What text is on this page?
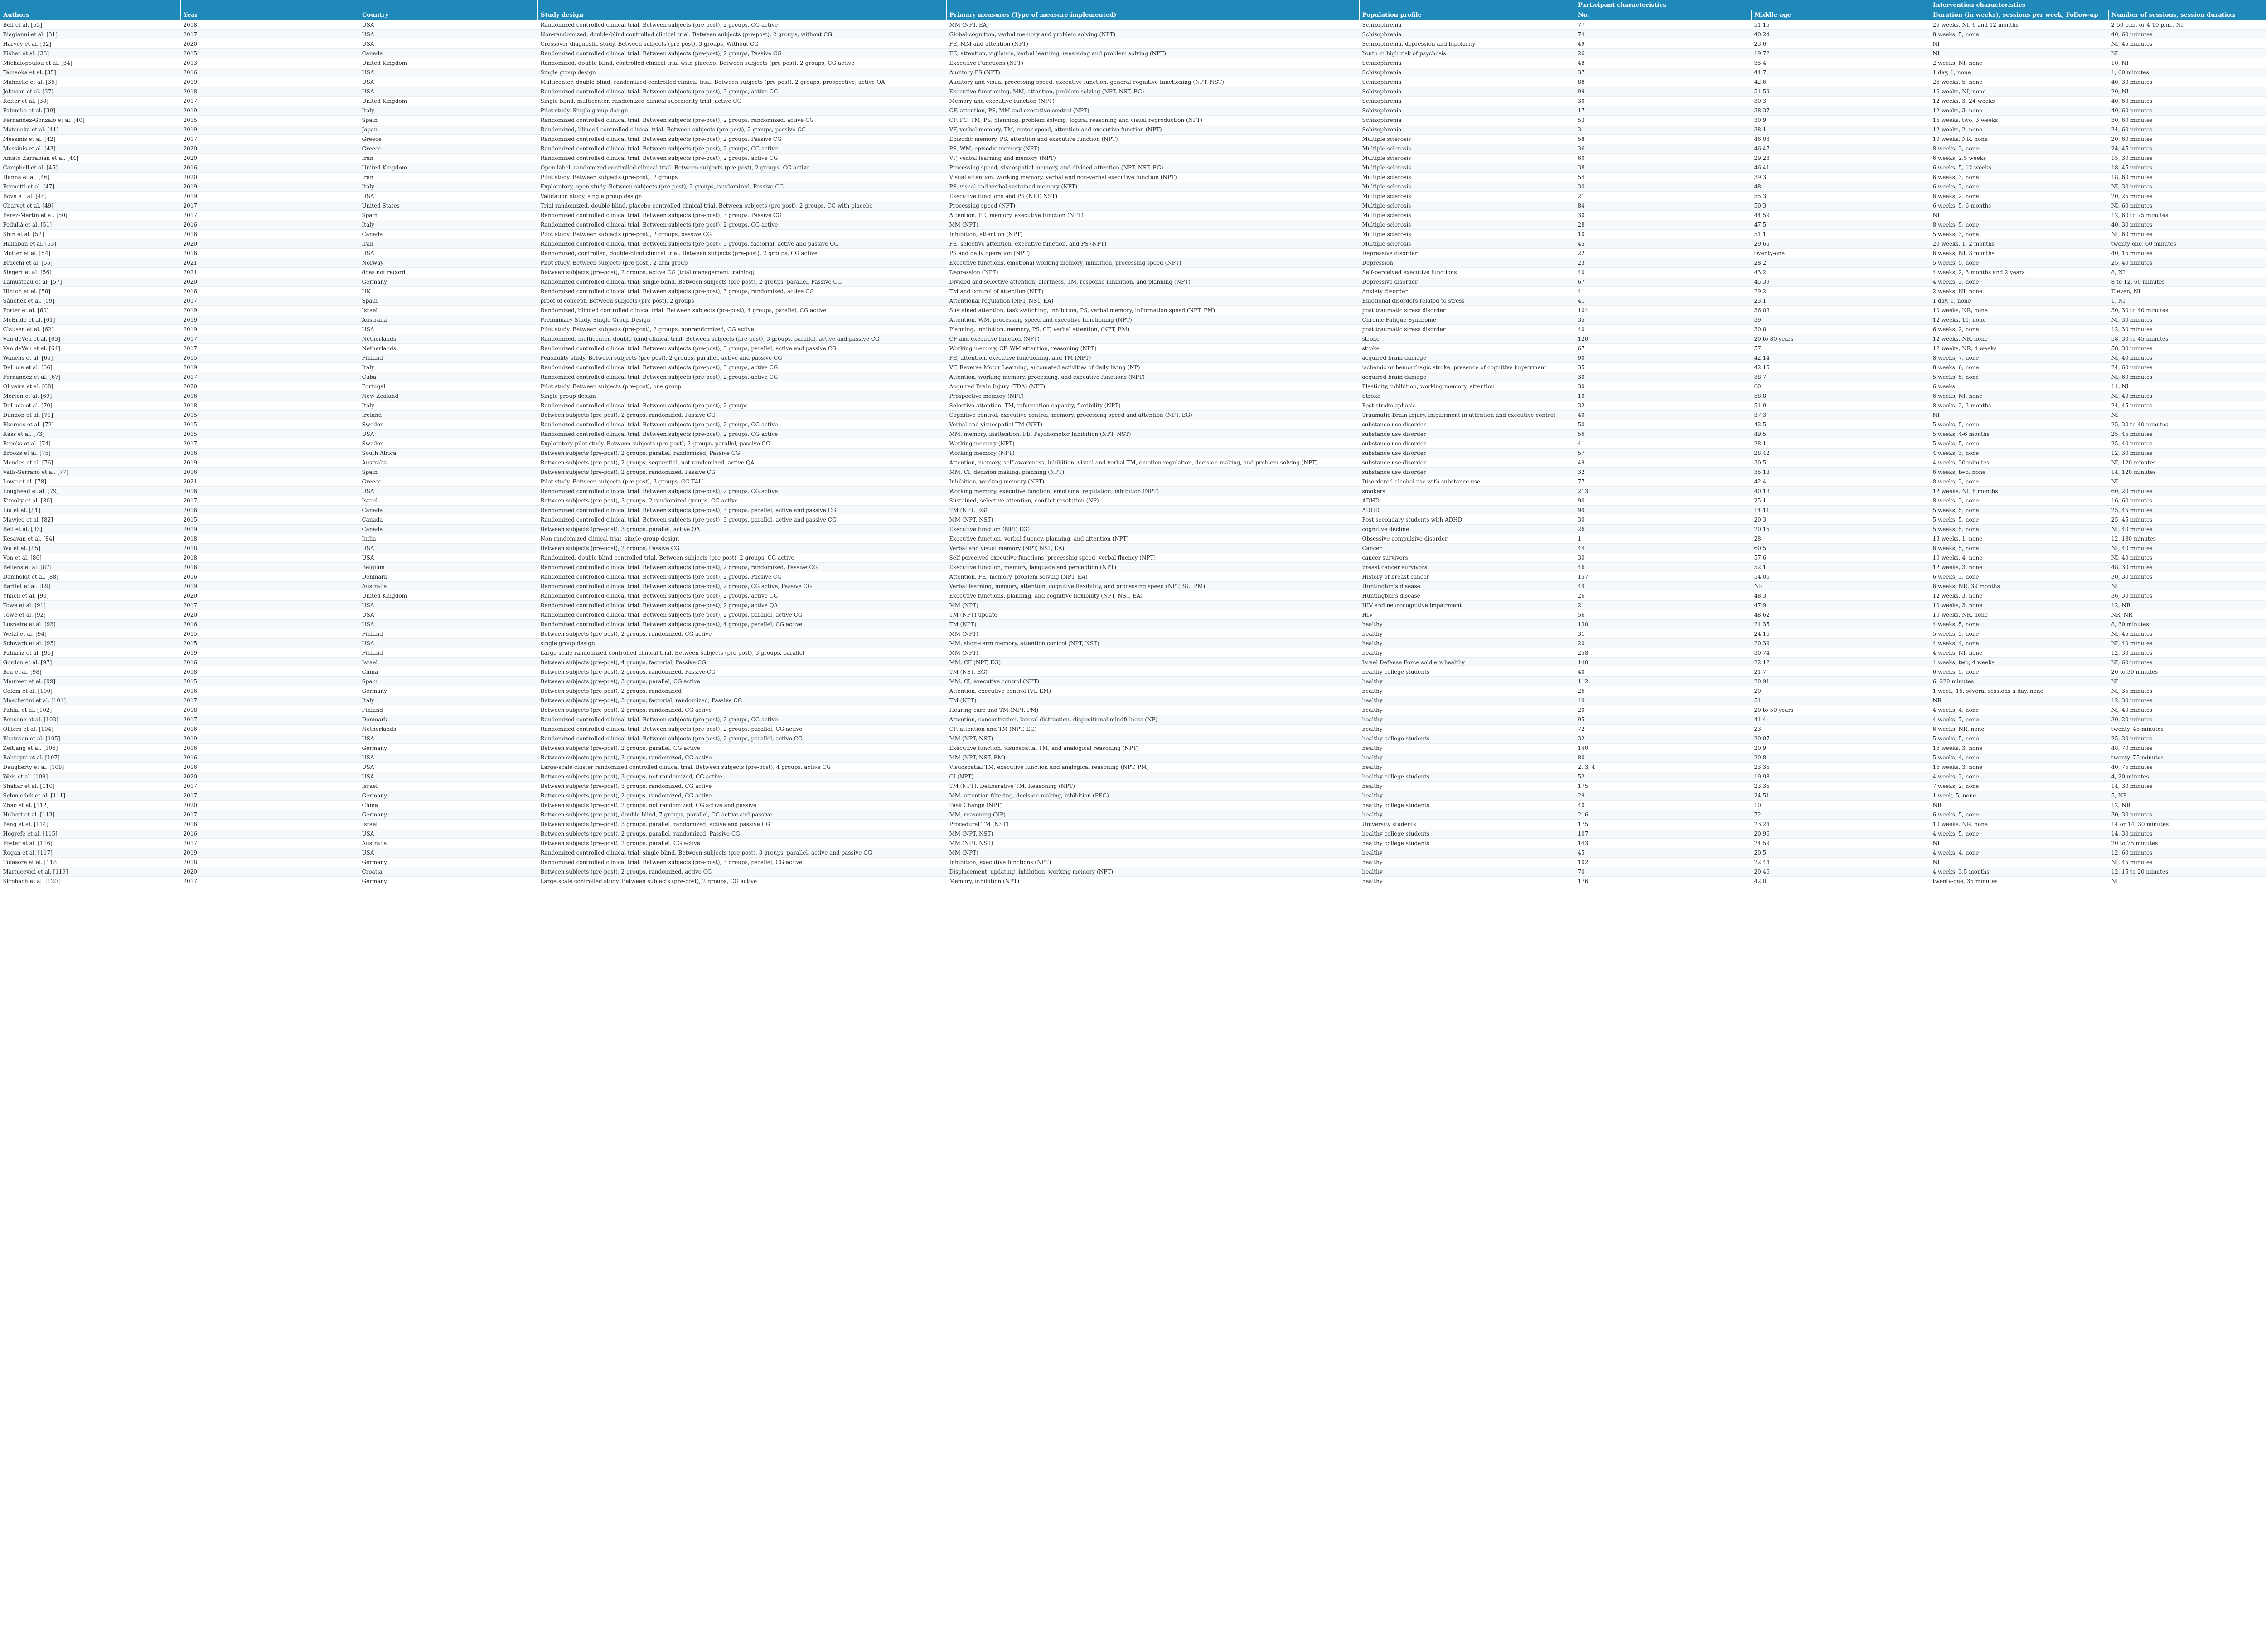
Authors	Year	Country	Study design	Primary measures (Type of measure implemented)	Population profile	Participant characteristics		Intervention characteristics			
						No.	Middle age	Duration (in weeks), sessions per week, Follow-up	Number of sessions, session duration		
Bell et al. [53]	2018	USA	Randomized controlled clinical trial. Between subjects (pre-post), 2 groups, CG active	MM (NPT, EA)	Schizophrenia	77	51.15	26 weeks, NI, 6 and 12 months	2-50 p.m. or 4-10 p.m., NI		
Biagianni et al. [31]	2017	USA	Non-randomized, double-blind controlled clinical trial. Between subjects (pre-post), 2 groups, without CG	Global cognition, verbal memory and problem solving (NPT)	Schizophrenia	74	40.24	8 weeks, 5, none	40, 60 minutes		
Harvey et al. [32]	2020	USA	Crossover diagnostic study. Between subjects (pre-post), 3 groups, Without CG	FE, MM and attention (NPT)	Schizophrenia, depression and bipolarity	49	23.6	NI	NI, 45 minutes		
Fisher et al. [33]	2015	Canada	Randomized controlled clinical trial. Between subjects (pre-post), 2 groups, Passive CG	FE, attention, vigilance, verbal learning, reasoning and problem solving (NPT)	Youth in high risk of psychosis	26	19.72	NI	NI		
Michalopoulou et al. [34]	2013	United Kingdom	Randomized, double-blind, controlled clinical trial with placebo. Between subjects (pre-post), 2 groups, CG active	Executive Functions (NPT)	Schizophrenia	48	35.4	2 weeks, NI, none	10, NI		
Tamaoka et al. [35]	2016	USA	Single group design	Auditory PS (NPT)	Schizophrenia	37	44.7	1 day, 1, none	1, 60 minutes		
Mahncke et al. [36]	2019	USA	Multicenter, double-blind, randomized controlled clinical trial. Between subjects (pre-post), 2 groups, prospective, active QA	Auditory and visual processing speed, executive function, general cognitive functioning (NPT, NST)	Schizophrenia	88	42.6	26 weeks, 5, none	40, 30 minutes		
Johnson et al. [37]	2018	USA	Randomized controlled clinical trial. Between subjects (pre-post), 3 groups, active CG	Executive functioning, MM, attention, problem solving (NPT, NST, EG)	Schizophrenia	99	51.59	16 weeks, NI, none	20, NI		
Reiter et al. [38]	2017	United Kingdom	Single-blind, multicenter, randomized clinical superiority trial, active CG	Memory and executive function (NPT)	Schizophrenia	30	30.3	12 weeks, 3, 24 weeks	40, 60 minutes		
Palumbo et al. [39]	2019	Italy	Pilot study. Single group design	CF, attention, PS, MM and executive control (NPT)	Schizophrenia	17	38.37	12 weeks, 3, none	40, 60 minutes		
Fernandez-Gonzalo et al. [40]	2015	Spain	Randomized controlled clinical trial. Between subjects (pre-post), 2 groups, randomized, active CG	CF, PC, TM, PS, planning, problem solving, logical reasoning and visual reproduction (NPT)	Schizophrenia	53	30.9	15 weeks, two, 3 weeks	30, 60 minutes		
Matsuoka et al. [41]	2019	Japan	Randomized, blinded controlled clinical trial. Between subjects (pre-post), 2 groups, passive CG	VF, verbal memory, TM, motor speed, attention and executive function (NPT)	Schizophrenia	31	38.1	12 weeks, 2, none	24, 60 minutes		
Messinis et al. [42]	2017	Greece	Randomized controlled clinical trial. Between subjects (pre-post), 2 groups, Passive CG	Episodic memory, PS, attention and executive function (NPT)	Multiple sclerosis	58	46.03	10 weeks, NR, none	20, 60 minutes		
Messinis et al. [43]	2020	Greece	Randomized controlled clinical trial. Between subjects (pre-post), 2 groups, CG active	PS, WM, episodic memory (NPT)	Multiple sclerosis	36	46.47	8 weeks, 3, none	24, 45 minutes		
Amato Zarrabian et al. [44]	2020	Iran	Randomized controlled clinical trial. Between subjects (pre-post), 2 groups, active CG	VF, verbal learning and memory (NPT)	Multiple sclerosis	60	29.23	6 weeks, 2.5 weeks	15, 30 minutes		
Campbell et al. [45]	2016	United Kingdom	Open-label, randomized controlled clinical trial. Between subjects (pre-post), 2 groups, CG active	Processing speed, visuospatial memory, and divided attention (NPT, NST, EG)	Multiple sclerosis	38	46.41	6 weeks, 5, 12 weeks	18, 45 minutes		
Hanna et al. [46]	2020	Iran	Pilot study. Between subjects (pre-post), 2 groups	Visual attention, working memory, verbal and non-verbal executive function (NPT)	Multiple sclerosis	54	39.3	6 weeks, 3, none	18, 60 minutes		
Brunetti et al. [47]	2019	Italy	Exploratory, open study. Between subjects (pre-post), 2 groups, randomized, Passive CG	PS, visual and verbal sustained memory (NPT)	Multiple sclerosis	30	48	6 weeks, 2, none	NI, 30 minutes		
Bove e t al. [48]	2019	USA	Validation study, single group design	Executive functions and PS (NPT, NST)	Multiple sclerosis	21	55.3	6 weeks, 2, none	20, 25 minutes		
Charvet et al. [49]	2017	United States	Trial randomized, double-blind, placebo-controlled clinical trial. Between subjects (pre-post), 2 groups, CG with placebo	Processing speed (NPT)	Multiple sclerosis	84	50.3	6 weeks, 5, 6 months	NI, 60 minutes		
Pérez-Martín et al. [50]	2017	Spain	Randomized controlled clinical trial. Between subjects (pre-post), 3 groups, Passive CG	Attention, FE, memory, executive function (NPT)	Multiple sclerosis	30	44.59	NI	12, 60 to 75 minutes		
Pedullà et al. [51]	2016	Italy	Randomized controlled clinical trial. Between subjects (pre-post), 2 groups, CG active	MM (NPT)	Multiple sclerosis	28	47.5	8 weeks, 5, none	40, 30 minutes		
Shin et al. [52]	2016	Canada	Pilot study. Between subjects (pre-post), 2 groups, passive CG	Inhibition, attention (NPT)	Multiple sclerosis	10	51.1	5 weeks, 3, none	NI, 60 minutes		
Hallaban et al. [53]	2020	Iran	Randomized controlled clinical trial. Between subjects (pre-post), 3 groups, factorial, active and passive CG	FE, selective attention, executive function, and PS (NPT)	Multiple sclerosis	45	29.65	20 weeks, 1, 2 months	twenty-one, 60 minutes		
Motter et al. [54]	2016	USA	Randomized, controlled, double-blind clinical trial. Between subjects (pre-post), 2 groups, CG active	PS and daily operation (NPT)	Depressive disorder	22	twenty-one	6 weeks, NI, 3 months	40, 15 minutes		
Bracchi et al. [55]	2021	Norway	Pilot study. Between subjects (pre-post), 2-arm group	Executive functions, emotional working memory, inhibition, processing speed (NPT)	Depression	23	28.2	5 weeks, 5, none	25, 40 minutes		
Siegert et al. [56]	2021	does not record	Between subjects (pre-post), 2 groups, active CG (trial management training)	Depression (NPT)	Self-perceived executive functions	40	43.2	4 weeks, 2, 3 months and 2 years	8, NI		
Lamusteau et al. [57]	2020	Germany	Randomized controlled clinical trial, single blind. Between subjects (pre-post), 2 groups, parallel, Passive CG	Divided and selective attention, alertness, TM, response inhibition, and planning (NPT)	Depressive disorder	67	45.39	4 weeks, 3, none	8 to 12, 60 minutes		
Hinton et al. [58]	2016	UK	Randomized controlled clinical trial. Between subjects (pre-post), 3 groups, randomized, active CG	TM and control of attention (NPT)	Anxiety disorder	41	29.2	2 weeks, NI, none	Eleven, NI		
Sánchez et al. [59]	2017	Spain	proof of concept. Between subjects (pre-post), 2 groups	Attentional regulation (NPT, NST, EA)	Emotional disorders related to stress	41	23.1	1 day, 1, none	1, NI		
Porter et al. [60]	2019	Israel	Randomized, blinded controlled clinical trial. Between subjects (pre-post), 4 groups, parallel, CG active	Sustained attention, task switching, inhibition, PS, verbal memory, information speed (NPT, PM)	post traumatic stress disorder	104	36.08	10 weeks, NR, none	30, 30 to 40 minutes		
McBride et al. [61]	2019	Australia	Preliminary Study. Single Group Design	Attention, WM, processing speed and executive functioning (NPT)	Chronic Fatigue Syndrome	35	39	12 weeks, 11, none	NI, 30 minutes		
Clausen et al. [62]	2019	USA	Pilot study. Between subjects (pre-post), 2 groups, nonrandomized, CG active	Planning, inhibition, memory, PS, CF, verbal attention, (NPT, EM)	post traumatic stress disorder	40	30.8	6 weeks, 2, none	12, 30 minutes		
Van deVen et al. [63]	2017	Netherlands	Randomized, multicenter, double-blind clinical trial. Between subjects (pre-post), 3 groups, parallel, active and passive CG	CF and executive function (NPT)	stroke	120	20 to 80 years	12 weeks, NR, none	58, 30 to 45 minutes		
Van deVen et al. [64]	2017	Netherlands	Randomized controlled clinical trial. Between subjects (pre-post), 3 groups, parallel, active and passive CG	Working memory, CF, WM attention, reasoning (NPT)	stroke	67	57	12 weeks, NR, 4 weeks	58, 30 minutes		
Wanens et al. [65]	2015	Finland	Feasibility study. Between subjects (pre-post), 2 groups, parallel, active and passive CG	FE, attention, executive functioning, and TM (NPT)	acquired brain damage	90	42.14	8 weeks, 7, none	NI, 40 minutes		
DeLuca et al. [66]	2019	Italy	Randomized controlled clinical trial. Between subjects (pre-post), 3 groups, active CG	VF, Reverse Motor Learning, automated activities of daily living (NP)	ischemic or hemorrhagic stroke, presence of cognitive impairment	35	42.15	8 weeks, 6, none	24, 60 minutes		
Fernandez et al. [67]	2017	Cuba	Randomized controlled clinical trial. Between subjects (pre-post), 2 groups, active CG	Attention, working memory, processing, and executive functions (NPT)	acquired brain damage	30	38.7	5 weeks, 5, none	NI, 60 minutes		
Oliveira et al. [68]	2020	Portugal	Pilot study. Between subjects (pre-post), one group	Acquired Brain Injury (TDA) (NPT)	Plasticity, inhibition, working memory, attention	30	60	6 weeks	11, NI		
Morton et al. [69]	2016	New Zealand	Single group design	Prospective memory (NPT)	Stroke	10	58.8	6 weeks, NI, none	NI, 40 minutes		
DeLuca et al. [70]	2018	Italy	Randomized controlled clinical trial. Between subjects (pre-post), 2 groups	Selective attention, TM, information capacity, flexibility (NPT)	Post-stroke aphasia	32	51.9	8 weeks, 3, 3 months	24, 45 minutes		
Dundon et al. [71]	2015	Ireland	Between subjects (pre-post), 2 groups, randomized, Passive CG	Cognitive control, executive control, memory, processing speed and attention (NPT, EG)	Traumatic Brain Injury, impairment in attention and executive control	40	37.3	NI	NI		
Ekeroos et al. [72]	2015	Sweden	Randomized controlled clinical trial. Between subjects (pre-post), 2 groups, CG active	Verbal and visuospatial TM (NPT)	substance use disorder	50	42.5	5 weeks, 5, none	25, 30 to 40 minutes		
Rass et al. [73]	2015	USA	Randomized controlled clinical trial. Between subjects (pre-post), 2 groups, CG active	MM, memory, inattention, FE, Psychomotor Inhibition (NPT, NST)	substance use disorder	56	49.5	5 weeks, 4-6 months	25, 45 minutes		
Brooks et al. [74]	2017	Sweden	Exploratory pilot study. Between subjects (pre-post), 2 groups, parallel, passive CG	Working memory (NPT)	substance use disorder	41	28.1	5 weeks, 5, none	25, 40 minutes		
Brooks et al. [75]	2016	South Africa	Between subjects (pre-post), 2 groups, parallel, randomized, Passive CG	Working memory (NPT)	substance use disorder	57	28.42	4 weeks, 3, none	12, 30 minutes		
Mendes et al. [76]	2019	Australia	Between subjects (pre-post), 2 groups, sequential, not randomized, active QA	Attention, memory, self awareness, inhibition, visual and verbal TM, emotion regulation, decision making, and problem solving (NPT)	substance use disorder	49	30.5	4 weeks, 30 minutes	NI, 120 minutes		
Valls-Serrano et al. [77]	2016	Spain	Between subjects (pre-post), 2 groups, randomized, Passive CG	MM, CI, decision making, planning (NPT)	substance use disorder	32	35.18	6 weeks, two, none	14, 120 minutes		
Lowe et al. [78]	2021	Greece	Pilot study. Between subjects (pre-post), 3 groups, CG TAU	Inhibition, working memory (NPT)	Disordered alcohol use with substance use	77	42.4	8 weeks, 2, none	NI		
Loughead et al. [79]	2016	USA	Randomized controlled clinical trial. Between subjects (pre-post), 2 groups, CG active	Working memory, executive function, emotional regulation, inhibition (NPT)	smokers	213	40.18	12 weeks, NI, 6 months	60, 20 minutes		
Kimoky et al. [80]	2017	Israel	Between subjects (pre-post), 3 groups, 2 randomized groups, CG active	Sustained, selective attention, conflict resolution (NP)	ADHD	90	25.1	8 weeks, 3, none	16, 60 minutes		
Liu et al. [81]	2016	Canada	Randomized controlled clinical trial. Between subjects (pre-post), 3 groups, parallel, active and passive CG	TM (NPT, EG)	ADHD	99	14.11	5 weeks, 5, none	25, 45 minutes		
Mawjee et al. [82]	2015	Canada	Randomized controlled clinical trial. Between subjects (pre-post), 3 groups, parallel, active and passive CG	MM (NPT, NST)	Post-secondary students with ADHD	30	20.3	5 weeks, 5, none	25, 45 minutes		
Bell et al. [83]	2019	Canada	Between subjects (pre-post), 3 groups, parallel, active QA	Executive function (NPT, EG)	cognitive decline	26	20.15	5 weeks, 5, none	NI, 40 minutes		
Kesavan et al. [84]	2018	India	Non-randomized clinical trial, single group design	Executive function, verbal fluency, planning, and attention (NPT)	Obsessive-compulsive disorder	1	28	13 weeks, 1, none	12, 180 minutes		
Wu et al. [85]	2018	USA	Between subjects (pre-post), 2 groups, Passive CG	Verbal and visual memory (NPT, NST, EA)	Cancer	44	60.5	6 weeks, 5, none	NI, 40 minutes		
Von et al. [86]	2018	USA	Randomized, double-blind controlled trial. Between subjects (pre-post), 2 groups, CG active	Self-perceived executive functions, processing speed, verbal fluency (NPT)	cancer survivors	30	57.6	10 weeks, 4, none	NI, 40 minutes		
Bellens et al. [87]	2016	Belgium	Randomized controlled clinical trial. Between subjects (pre-post), 2 groups, randomized, Passive CG	Executive function, memory, language and perception (NPT)	breast cancer survivors	46	52.1	12 weeks, 3, none	48, 30 minutes		
Damholdt et al. [88]	2016	Denmark	Randomized controlled clinical trial. Between subjects (pre-post), 2 groups, Passive CG	Attention, FE, memory, problem solving (NPT, EA)	History of breast cancer	157	54.06	6 weeks, 3, none	30, 30 minutes		
Bartlet et al. [89]	2019	Australia	Randomized controlled clinical trial. Between subjects (pre-post), 2 groups, CG active, Passive CG	Verbal learning, memory, attention, cognitive flexibility, and processing speed (NPT, SU, PM)	Huntington's disease	49	NR	6 weeks, NR, 39 months	NI		
Yhnell et al. [90]	2020	United Kingdom	Randomized controlled clinical trial. Between subjects (pre-post), 2 groups, active CG	Executive functions, planning, and cognitive flexibility (NPT, NST, EA)	Huntington's disease	26	48.3	12 weeks, 3, none	36, 30 minutes		
Towe et al. [91]	2017	USA	Randomized controlled clinical trial. Between subjects (pre-post), 2 groups, active QA	MM (NPT)	HIV and neurocognitive impairment	21	47.9	10 weeks, 3, none	12, NR		
Towe et al. [92]	2020	USA	Randomized controlled clinical trial. Between subjects (pre-post), 2 groups, parallel, active CG	TM (NPT) update	HIV	56	48.62	10 weeks, NR, none	NR, NR		
Lusnaire et al. [93]	2016	USA	Randomized controlled clinical trial. Between subjects (pre-post), 4 groups, parallel, CG active	TM (NPT)	healthy	130	21.35	4 weeks, 5, none	8, 30 minutes		
Wetzl et al. [94]	2015	Finland	Between subjects (pre-post), 2 groups, randomized, CG active	MM (NPT)	healthy	31	24.16	5 weeks, 3, none	NI, 45 minutes		
Schwarb et al. [95]	2015	USA	single group design	MM, short-term memory, attention control (NPT, NST)	healthy	20	20.39	4 weeks, 4, none	NI, 40 minutes		
Pahlanz et al. [96]	2019	Finland	Large-scale randomized controlled clinical trial. Between subjects (pre-post), 3 groups, parallel	MM (NPT)	healthy	258	30.74	4 weeks, NI, none	12, 30 minutes		
Gordon et al. [97]	2016	Israel	Between subjects (pre-post), 4 groups, factorial, Passive CG	MM, CF (NPT, EG)	Israel Defense Force soldiers healthy	140	22.12	4 weeks, two, 4 weeks	NI, 60 minutes		
Bru et al. [98]	2018	China	Between subjects (pre-post), 2 groups, randomized, Passive CG	TM (NST, EG)	healthy college students	40	21.7	6 weeks, 5, none	20 to 30 minutes		
Maureer et al. [99]	2015	Spain	Between subjects (pre-post), 3 groups, parallel, CG active	MM, CI, executive control (NPT)	healthy	112	20.91	6, 220 minutes	NI		
Colom et al. [100]	2016	Germany	Between subjects (pre-post), 2 groups, randomized	Attention, executive control (VI, EM)	healthy	26	20	1 week, 16, several sessions a day, none	NI, 35 minutes		
Mascherini et al. [101]	2017	Italy	Between subjects (pre-post), 3 groups, factorial, randomized, Passive CG	TM (NPT)	healthy	49	51	NR	12, 30 minutes		
Pahlal et al. [102]	2018	Finland	Between subjects (pre-post), 2 groups, randomized, CG active	Hearing care and TM (NPT, PM)	healthy	20	20 to 50 years	4 weeks, 4, none	NI, 40 minutes		
Bensone et al. [103]	2017	Denmark	Randomized controlled clinical trial. Between subjects (pre-post), 2 groups, CG active	Attention, concentration, lateral distraction, dispositional mindfulness (NP)	healthy	95	41.4	4 weeks, 7, none	30, 20 minutes		
Ollfers et al. [104]	2016	Netherlands	Randomized controlled clinical trial. Between subjects (pre-post), 2 groups, parallel, CG active	CF, attention and TM (NPT, EG)	healthy	72	23	6 weeks, NR, none	twenty, 45 minutes		
Bhatsson et al. [105]	2019	USA	Randomized controlled clinical trial. Between subjects (pre-post), 2 groups, parallel, active CG	MM (NPT, NST)	healthy college students	32	20.07	5 weeks, 5, none	25, 30 minutes		
Zeitlang et al. [106]	2016	Germany	Between subjects (pre-post), 2 groups, parallel, CG active	Executive function, visuospatial TM, and analogical reasoning (NPT)	healthy	140	20.9	16 weeks, 3, none	48, 70 minutes		
Bahreyni et al. [107]	2016	USA	Between subjects (pre-post), 2 groups, randomized, CG active	MM (NPT, NST, EM)	healthy	80	20.8	5 weeks, 4, none	twenty, 75 minutes		
Daugherty et al. [108]	2016	USA	Large-scale cluster randomized controlled clinical trial. Between subjects (pre-post), 4 groups, active CG	Visuospatial TM, executive function and analogical reasoning (NPT, PM)	healthy	2, 3, 4	23.35	16 weeks, 3, none	40, 75 minutes		
Weis et al. [109]	2020	USA	Between subjects (pre-post), 3 groups, not randomized, CG active	CI (NPT)	healthy college students	52	19.98	4 weeks, 3, none	4, 20 minutes		
Shahar et al. [110]	2017	Israel	Between subjects (pre-post), 3 groups, randomized, CG active	TM (NPT). Deliberative TM, Reasoning (NPT)	healthy	175	23.35	7 weeks, 2, none	14, 30 minutes		
Schmiedek et al. [111]	2017	Germany	Between subjects (pre-post), 2 groups, randomized, CG active	MM, attention filtering, decision making, inhibition (PEG)	healthy	29	24.51	1 week, 5, none	5, NR		
Zhao et al. [112]	2020	China	Between subjects (pre-post), 2 groups, not randomized, CG active and passive	Task Change (NPT)	healthy college students	40	10	NR	12, NR		
Hubert et al. [113]	2017	Germany	Between subjects (pre-post), double blind, 7 groups, parallel, CG active and passive	MM, reasoning (NP)	healthy	216	72	6 weeks, 5, none	30, 30 minutes		
Peng et al. [114]	2016	Israel	Between subjects (pre-post), 3 groups, parallel, randomized, active and passive CG	Procedural TM (NST)	University students	175	23.24	10 weeks, NR, none	14 or 14, 30 minutes		
Hogrefe et al. [115]	2016	USA	Between subjects (pre-post), 2 groups, parallel, randomized, Passive CG	MM (NPT, NST)	healthy college students	107	20.96	4 weeks, 5, none	14, 30 minutes		
Foster et al. [116]	2017	Australia	Between subjects (pre-post), 2 groups, parallel, CG active	MM (NPT, NST)	healthy college students	143	24.59	NI	20 to 75 minutes		
Rogan et al. [117]	2019	USA	Randomized controlled clinical trial, single blind. Between subjects (pre-post), 3 groups, parallel, active and passive CG	MM (NPT)	healthy	45	20.5	4 weeks, 4, none	12, 60 minutes		
Tulasore et al. [118]	2018	Germany	Randomized controlled clinical trial. Between subjects (pre-post), 3 groups, parallel, CG active	Inhibition, executive functions (NPT)	healthy	102	22.44	NI	NI, 45 minutes		
Martucevici et al. [119]	2020	Croatia	Between subjects (pre-post), 2 groups, randomized, active CG	Displacement, updating, inhibition, working memory (NPT)	healthy	70	20.46	4 weeks, 3.5 months	12, 15 to 20 minutes		
Strobach et al. [120]	2017	Germany	Large scale controlled study. Between subjects (pre-post), 2 groups, CG active	Memory, inhibition (NPT)	healthy	176	42.0	twenty-one, 35 minutes	NI		
